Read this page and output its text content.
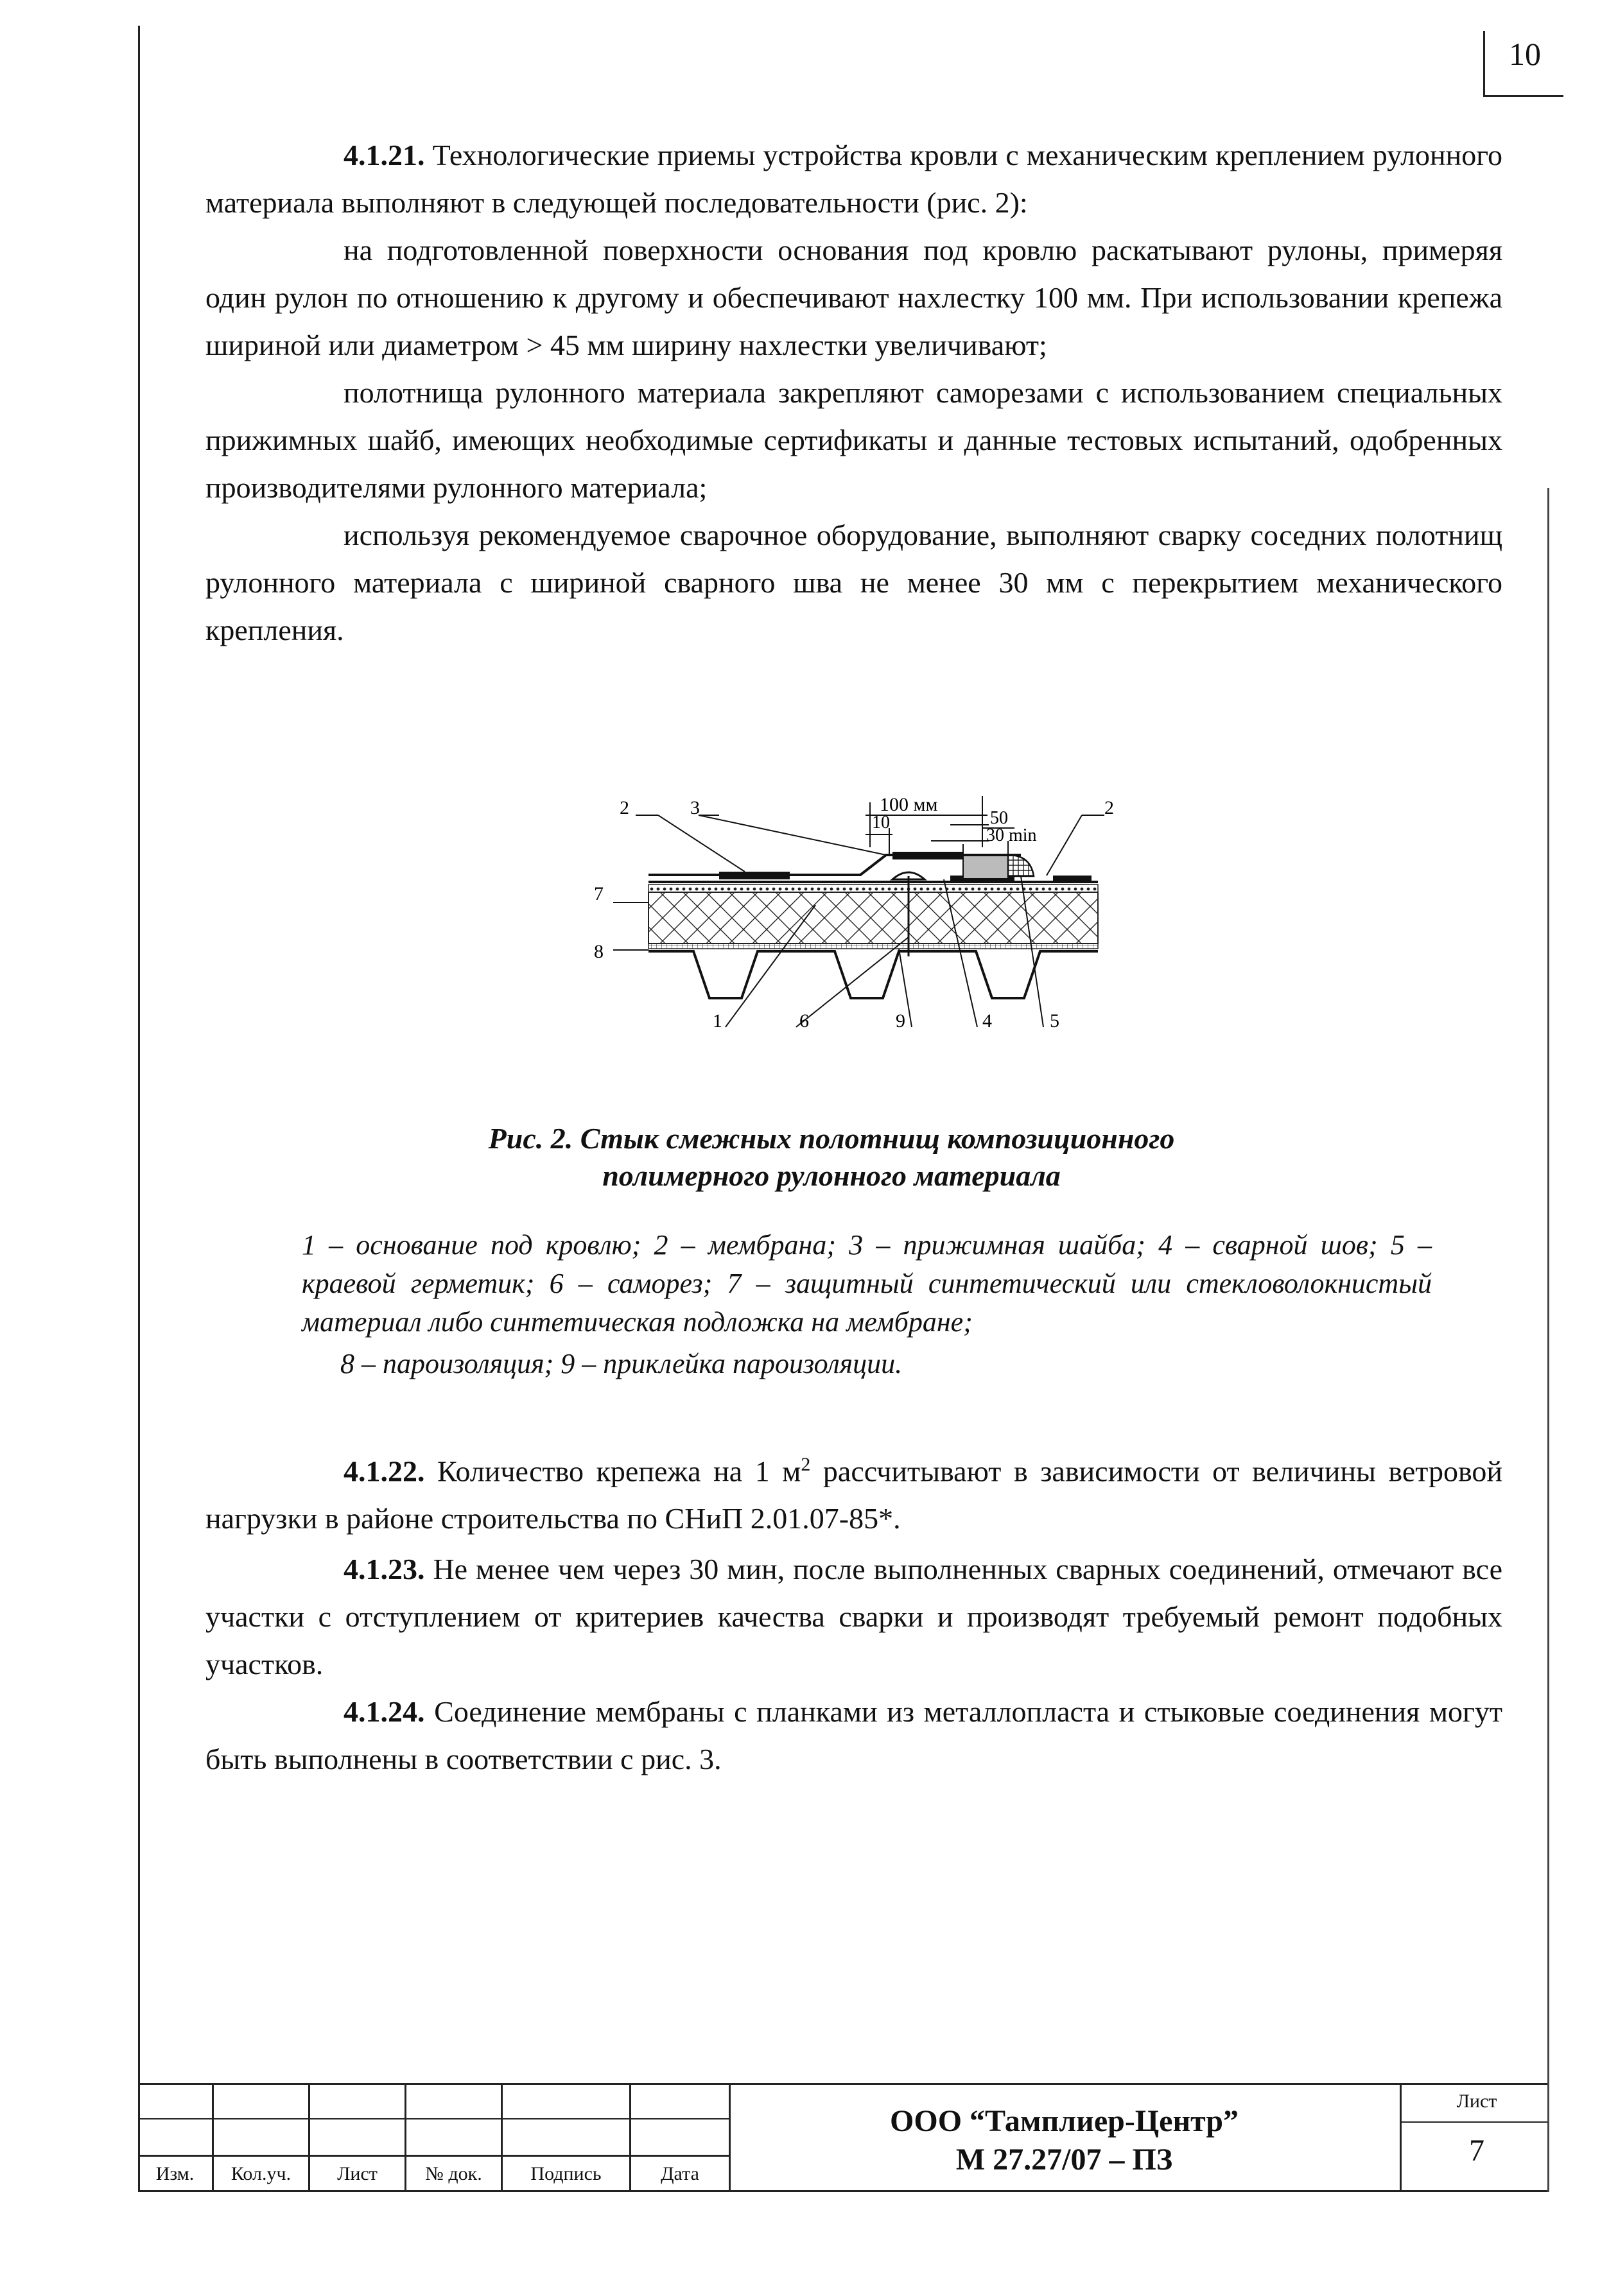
10

4.1.21. Технологические приемы устройства кровли с механическим креплением рулонного материала выполняют в следующей последовательности (рис. 2):

на подготовленной поверхности основания под кровлю раскатывают рулоны, примеряя один рулон по отношению к другому и обеспечивают нахлестку 100 мм. При использовании крепежа шириной или диаметром > 45 мм ширину нахлестки увеличивают;

полотнища рулонного материала закрепляют саморезами с использованием специальных прижимных шайб, имеющих необходимые сертификаты и данные тестовых испытаний, одобренных производителями рулонного материала;

используя рекомендуемое сварочное оборудование, выполняют сварку соседних полотнищ рулонного материала с шириной сварного шва не менее 30 мм с перекрытием механического крепления.

100 мм
10	50
30 min
2	3	2
7
8
1	6	9	4	5
Рис. 2. Стык смежных полотнищ композиционного
полимерного рулонного материала
1 – основание под кровлю; 2 – мембрана; 3 – прижимная шайба; 4 – сварной шов; 5 – краевой герметик; 6 – саморез; 7 – защитный синтетический или стекловолокнистый материал либо синтетическая подложка на мембране;
8 – пароизоляция; 9 – приклейка пароизоляции.

4.1.22. Количество крепежа на 1 $м^2$ рассчитывают в зависимости от величины ветровой нагрузки в районе строительства по СНиП 2.01.07-85*.

4.1.23. Не менее чем через 30 мин, после выполненных сварных соединений, отмечают все участки с отступлением от критериев качества сварки и производят требуемый ремонт подобных участков.

4.1.24. Соединение мембраны с планками из металлопласта и стыковые соединения могут быть выполнены в соответствии с рис. 3.

Изм.	Кол.уч.	Лист	№ док.	Подпись	Дата
ООО “Тамплиер-Центр”
М 27.27/07 – ПЗ
Лист
7
